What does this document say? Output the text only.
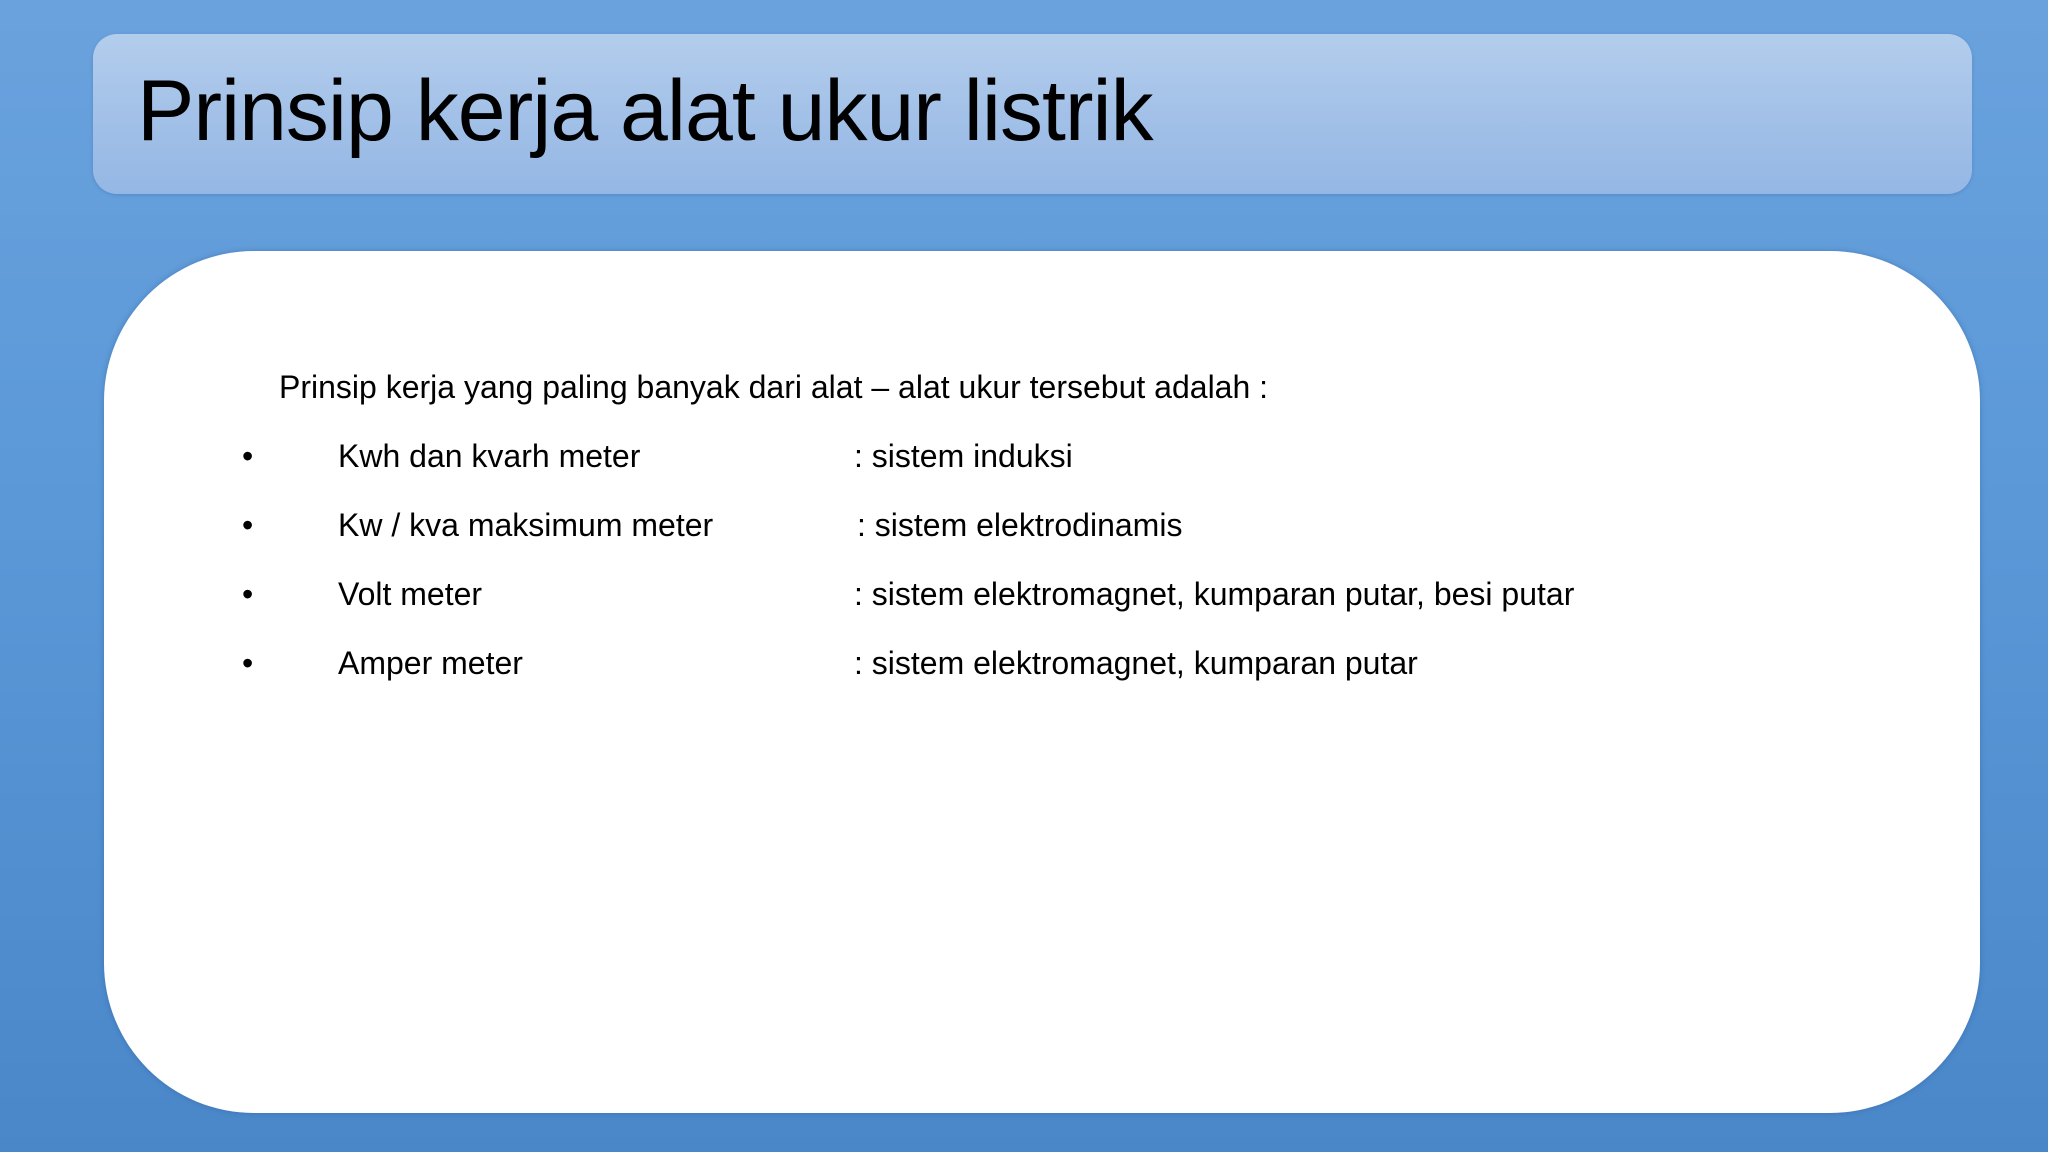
Prinsip kerja alat ukur listrik

Prinsip kerja yang paling banyak dari alat – alat ukur tersebut adalah :

•	Kwh dan kvarh meter	: sistem induksi
•	Kw / kva maksimum meter	: sistem elektrodinamis
•	Volt meter	: sistem elektromagnet, kumparan putar, besi putar
•	Amper meter	: sistem elektromagnet, kumparan putar
